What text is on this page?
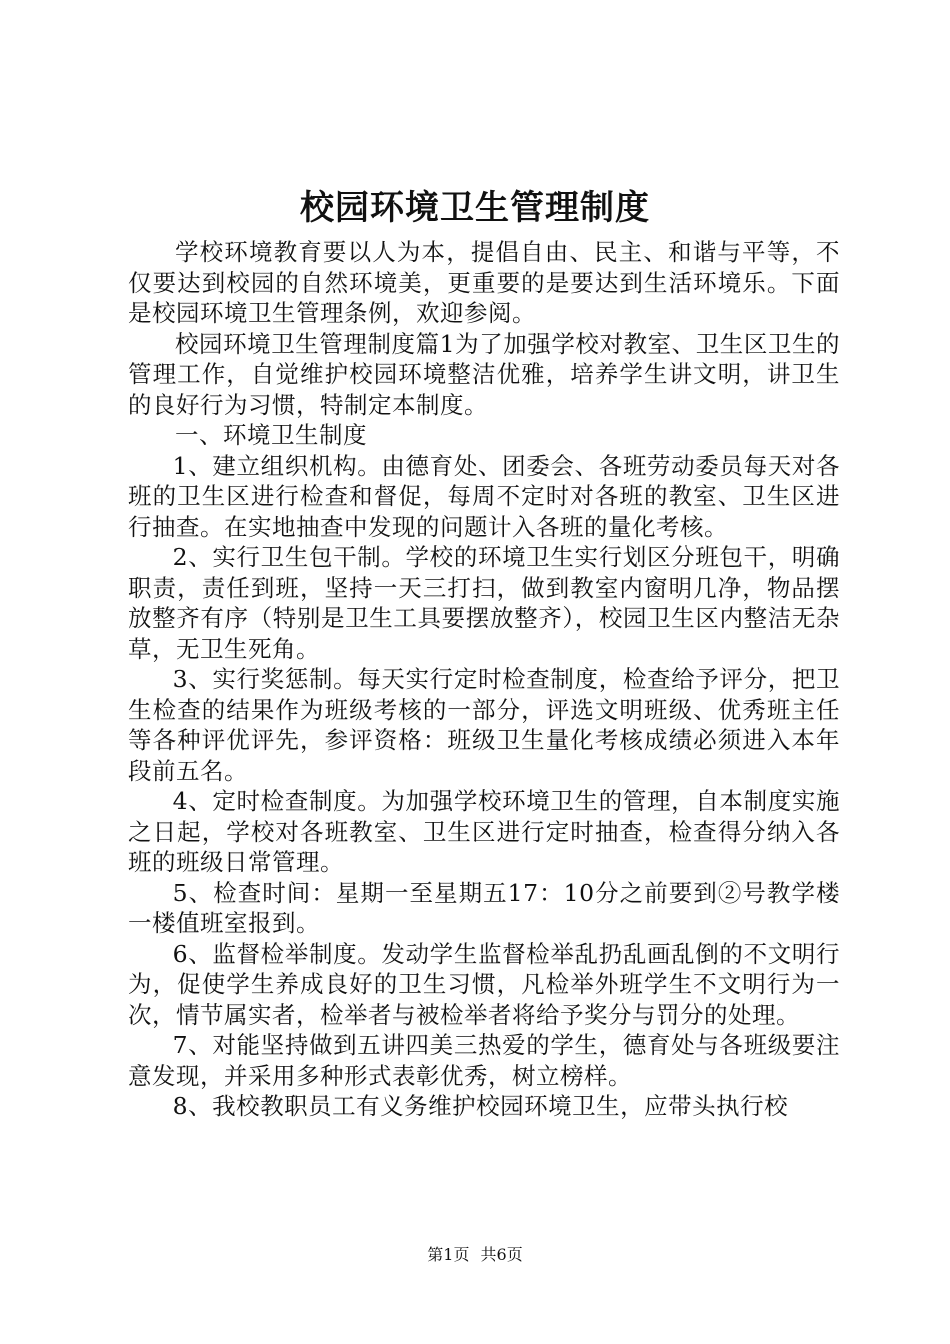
校园环境卫生管理制度

学校环境教育要以人为本，提倡自由、民主、和谐与平等，不仅要达到校园的自然环境美，更重要的是要达到生活环境乐。下面是校园环境卫生管理条例，欢迎参阅。

校园环境卫生管理制度篇1为了加强学校对教室、卫生区卫生的管理工作，自觉维护校园环境整洁优雅，培养学生讲文明，讲卫生的良好行为习惯，特制定本制度。

一、环境卫生制度

1、建立组织机构。由德育处、团委会、各班劳动委员每天对各班的卫生区进行检查和督促，每周不定时对各班的教室、卫生区进行抽查。在实地抽查中发现的问题计入各班的量化考核。

2、实行卫生包干制。学校的环境卫生实行划区分班包干，明确职责，责任到班，坚持一天三打扫，做到教室内窗明几净，物品摆放整齐有序（特别是卫生工具要摆放整齐），校园卫生区内整洁无杂草，无卫生死角。

3、实行奖惩制。每天实行定时检查制度，检查给予评分，把卫生检查的结果作为班级考核的一部分，评选文明班级、优秀班主任等各种评优评先，参评资格：班级卫生量化考核成绩必须进入本年段前五名。

4、定时检查制度。为加强学校环境卫生的管理，自本制度实施之日起，学校对各班教室、卫生区进行定时抽查，检查得分纳入各班的班级日常管理。

5、检查时间：星期一至星期五17：10分之前要到②号教学楼一楼值班室报到。

6、监督检举制度。发动学生监督检举乱扔乱画乱倒的不文明行为，促使学生养成良好的卫生习惯，凡检举外班学生不文明行为一次，情节属实者，检举者与被检举者将给予奖分与罚分的处理。

7、对能坚持做到五讲四美三热爱的学生，德育处与各班级要注意发现，并采用多种形式表彰优秀，树立榜样。

8、我校教职员工有义务维护校园环境卫生，应带头执行校

第1页 共6页
